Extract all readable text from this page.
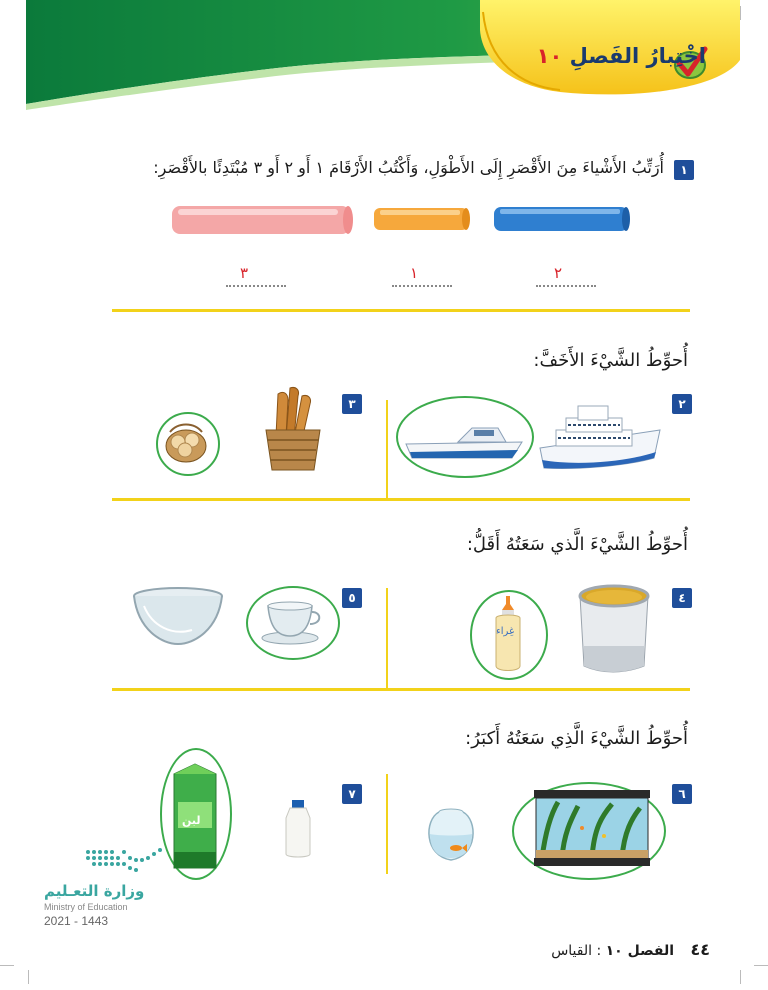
اخْتِبارُ الفَصلِ ١٠
١
أُرَتِّبُ الأَشْياءَ مِنَ الأَقْصَرِ إِلَى الأَطْوَلِ، وَأَكْتُبُ الأَرْقَامَ ١ أَو ٢ أَو ٣ مُبْتَدِئًا بالأَقْصَرِ:
٣	١	٢
أُحوِّطُ الشَّيْءَ الأَخَفَّ:
٢
٣
أُحوِّطُ الشَّيْءَ الَّذي سَعَتُهُ أَقَلُّ:
٤
٥
غِراء
أُحوِّطُ الشَّيْءَ الَّذِي سَعَتُهُ أَكبَرُ:
٦
٧
لبن
وزارة التعـليم
Ministry of Education
2021 - 1443
٤٤ الفصل ١٠ : القياس
